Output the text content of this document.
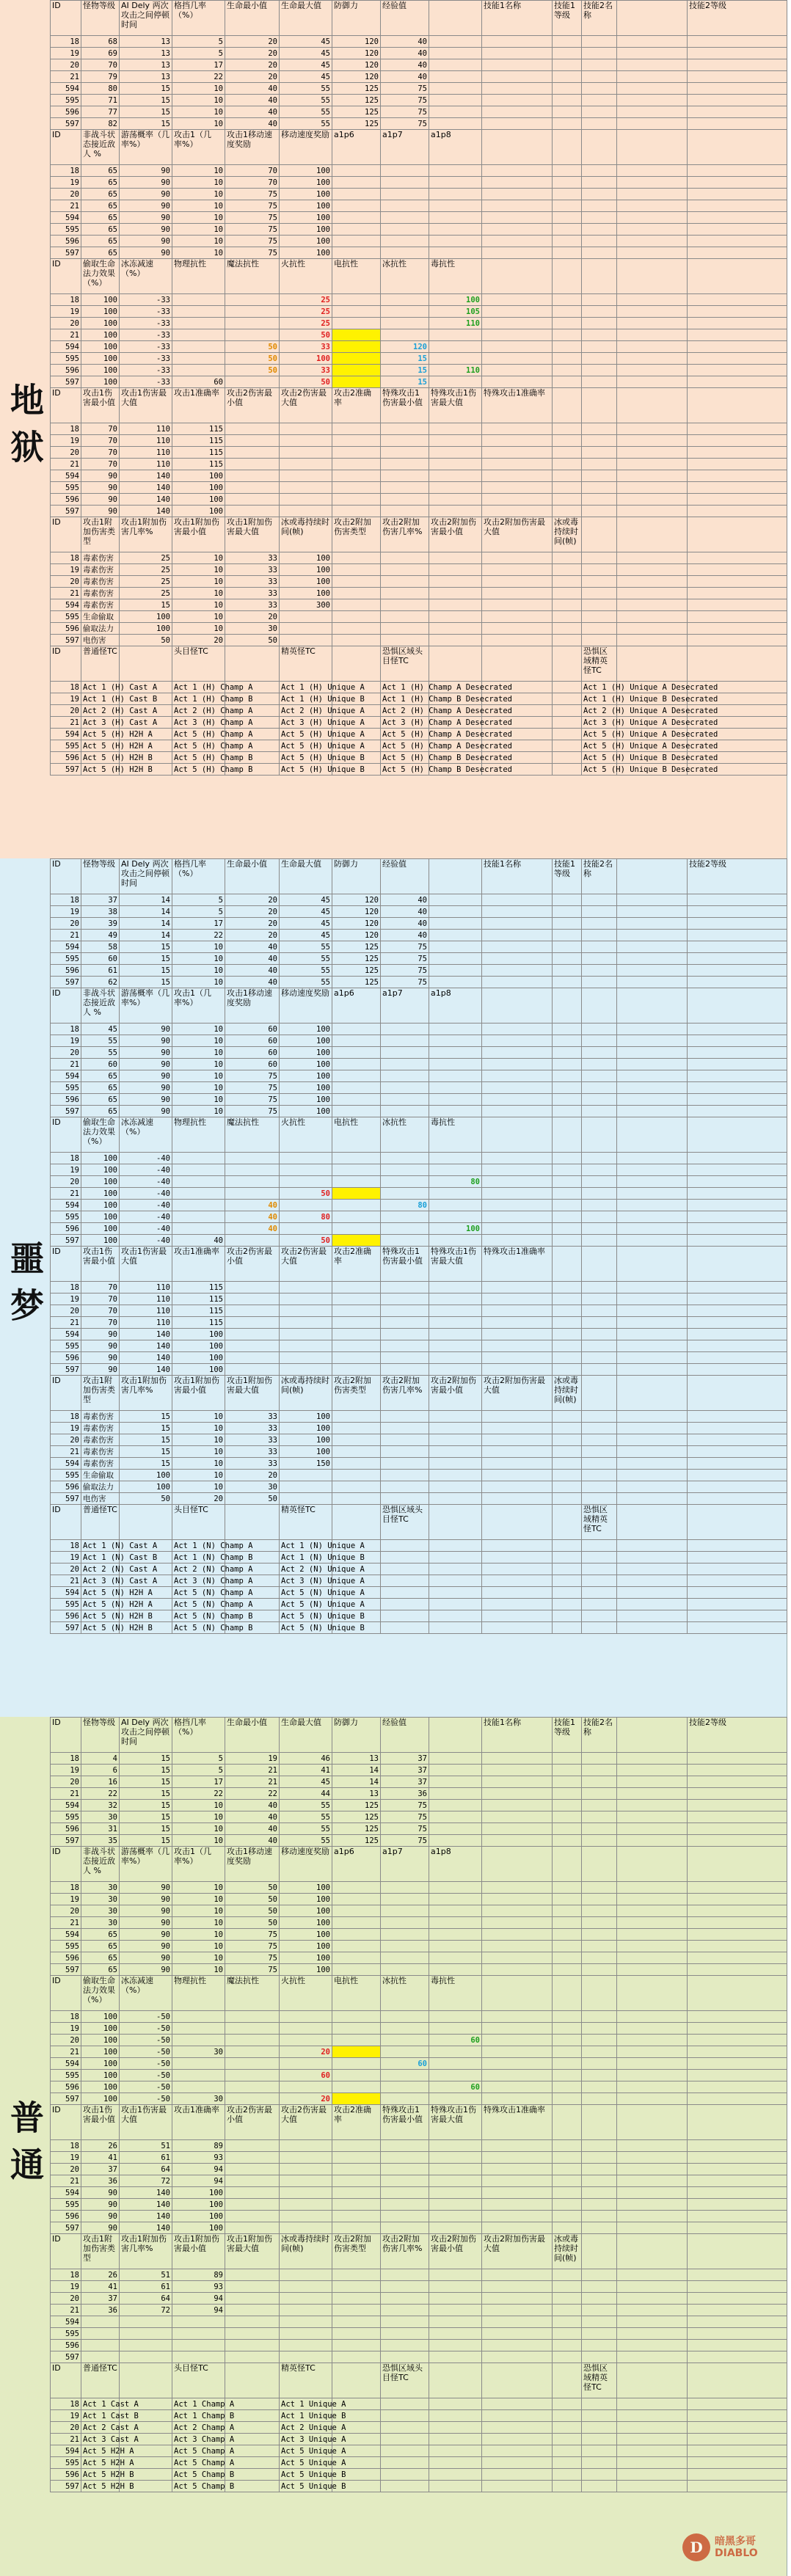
地狱
ID	怪物等级	AI Dely 两次攻击之间停顿时间	格挡几率（%）	生命最小值	生命最大值	防御力	经验值		技能1名称	技能1等级	技能2名称		技能2等级
18	68	13	5	20	45	120	40						
19	69	13	5	20	45	120	40						
20	70	13	17	20	45	120	40						
21	79	13	22	20	45	120	40						
594	80	15	10	40	55	125	75						
595	71	15	10	40	55	125	75						
596	77	15	10	40	55	125	75						
597	82	15	10	40	55	125	75						
ID	非战斗状态接近敌人 %	游荡概率（几率%）	攻击1（几率%）	攻击1移动速度奖励	移动速度奖励	a1p6	a1p7	a1p8					
18	65	90	10	70	100								
19	65	90	10	70	100								
20	65	90	10	75	100								
21	65	90	10	75	100								
594	65	90	10	75	100								
595	65	90	10	75	100								
596	65	90	10	75	100								
597	65	90	10	75	100								
ID	偷取生命法力效果（%）	冰冻减速（%）	物理抗性	魔法抗性	火抗性	电抗性	冰抗性	毒抗性					
18	100	-33			25			100					
19	100	-33			25			105					
20	100	-33			25			110					
21	100	-33			50								
594	100	-33		50	33		120						
595	100	-33		50	100		15						
596	100	-33		50	33		15	110					
597	100	-33	60		50		15						
ID	攻击1伤害最小值	攻击1伤害最大值	攻击1准确率	攻击2伤害最小值	攻击2伤害最大值	攻击2准确率	特殊攻击1伤害最小值	特殊攻击1伤害最大值	特殊攻击1准确率				
18	70	110	115										
19	70	110	115										
20	70	110	115										
21	70	110	115										
594	90	140	100										
595	90	140	100										
596	90	140	100										
597	90	140	100										
ID	攻击1附加伤害类型	攻击1附加伤害几率%	攻击1附加伤害最小值	攻击1附加伤害最大值	冰或毒持续时间(帧)	攻击2附加伤害类型	攻击2附加伤害几率%	攻击2附加伤害最小值	攻击2附加伤害最大值	冰或毒持续时间(帧)			
18	毒素伤害	25	10	33	100								
19	毒素伤害	25	10	33	100								
20	毒素伤害	25	10	33	100								
21	毒素伤害	25	10	33	100								
594	毒素伤害	15	10	33	300								
595	生命偷取	100	10	20									
596	偷取法力	100	10	30									
597	电伤害	50	20	50									
ID	普通怪TC		头目怪TC		精英怪TC		恐惧区域头目怪TC				恐惧区域精英怪TC		
18	Act 1 (H) Cast A		Act 1 (H) Champ A		Act 1 (H) Unique A		Act 1 (H) Champ A Desecrated				Act 1 (H) Unique A Desecrated		
19	Act 1 (H) Cast B		Act 1 (H) Champ B		Act 1 (H) Unique B		Act 1 (H) Champ B Desecrated				Act 1 (H) Unique B Desecrated		
20	Act 2 (H) Cast A		Act 2 (H) Champ A		Act 2 (H) Unique A		Act 2 (H) Champ A Desecrated				Act 2 (H) Unique A Desecrated		
21	Act 3 (H) Cast A		Act 3 (H) Champ A		Act 3 (H) Unique A		Act 3 (H) Champ A Desecrated				Act 3 (H) Unique A Desecrated		
594	Act 5 (H) H2H A		Act 5 (H) Champ A		Act 5 (H) Unique A		Act 5 (H) Champ A Desecrated				Act 5 (H) Unique A Desecrated		
595	Act 5 (H) H2H A		Act 5 (H) Champ A		Act 5 (H) Unique A		Act 5 (H) Champ A Desecrated				Act 5 (H) Unique A Desecrated		
596	Act 5 (H) H2H B		Act 5 (H) Champ B		Act 5 (H) Unique B		Act 5 (H) Champ B Desecrated				Act 5 (H) Unique B Desecrated		
597	Act 5 (H) H2H B		Act 5 (H) Champ B		Act 5 (H) Unique B		Act 5 (H) Champ B Desecrated				Act 5 (H) Unique B Desecrated		
噩梦
ID	怪物等级	AI Dely 两次攻击之间停顿时间	格挡几率（%）	生命最小值	生命最大值	防御力	经验值		技能1名称	技能1等级	技能2名称		技能2等级
18	37	14	5	20	45	120	40						
19	38	14	5	20	45	120	40						
20	39	14	17	20	45	120	40						
21	49	14	22	20	45	120	40						
594	58	15	10	40	55	125	75						
595	60	15	10	40	55	125	75						
596	61	15	10	40	55	125	75						
597	62	15	10	40	55	125	75						
ID	非战斗状态接近敌人 %	游荡概率（几率%）	攻击1（几率%）	攻击1移动速度奖励	移动速度奖励	a1p6	a1p7	a1p8					
18	45	90	10	60	100								
19	55	90	10	60	100								
20	55	90	10	60	100								
21	60	90	10	60	100								
594	65	90	10	75	100								
595	65	90	10	75	100								
596	65	90	10	75	100								
597	65	90	10	75	100								
ID	偷取生命法力效果（%）	冰冻减速（%）	物理抗性	魔法抗性	火抗性	电抗性	冰抗性	毒抗性					
18	100	-40											
19	100	-40											
20	100	-40						80					
21	100	-40			50								
594	100	-40		40			80						
595	100	-40		40	80								
596	100	-40		40				100					
597	100	-40	40		50								
ID	攻击1伤害最小值	攻击1伤害最大值	攻击1准确率	攻击2伤害最小值	攻击2伤害最大值	攻击2准确率	特殊攻击1伤害最小值	特殊攻击1伤害最大值	特殊攻击1准确率				
18	70	110	115										
19	70	110	115										
20	70	110	115										
21	70	110	115										
594	90	140	100										
595	90	140	100										
596	90	140	100										
597	90	140	100										
ID	攻击1附加伤害类型	攻击1附加伤害几率%	攻击1附加伤害最小值	攻击1附加伤害最大值	冰或毒持续时间(帧)	攻击2附加伤害类型	攻击2附加伤害几率%	攻击2附加伤害最小值	攻击2附加伤害最大值	冰或毒持续时间(帧)			
18	毒素伤害	15	10	33	100								
19	毒素伤害	15	10	33	100								
20	毒素伤害	15	10	33	100								
21	毒素伤害	15	10	33	100								
594	毒素伤害	15	10	33	150								
595	生命偷取	100	10	20									
596	偷取法力	100	10	30									
597	电伤害	50	20	50									
ID	普通怪TC		头目怪TC		精英怪TC		恐惧区域头目怪TC				恐惧区域精英怪TC		
18	Act 1 (N) Cast A		Act 1 (N) Champ A		Act 1 (N) Unique A								
19	Act 1 (N) Cast B		Act 1 (N) Champ B		Act 1 (N) Unique B								
20	Act 2 (N) Cast A		Act 2 (N) Champ A		Act 2 (N) Unique A								
21	Act 3 (N) Cast A		Act 3 (N) Champ A		Act 3 (N) Unique A								
594	Act 5 (N) H2H A		Act 5 (N) Champ A		Act 5 (N) Unique A								
595	Act 5 (N) H2H A		Act 5 (N) Champ A		Act 5 (N) Unique A								
596	Act 5 (N) H2H B		Act 5 (N) Champ B		Act 5 (N) Unique B								
597	Act 5 (N) H2H B		Act 5 (N) Champ B		Act 5 (N) Unique B								
普通
ID	怪物等级	AI Dely 两次攻击之间停顿时间	格挡几率（%）	生命最小值	生命最大值	防御力	经验值		技能1名称	技能1等级	技能2名称		技能2等级
18	4	15	5	19	46	13	37						
19	6	15	5	21	41	14	37						
20	16	15	17	21	45	14	37						
21	22	15	22	22	44	13	36						
594	32	15	10	40	55	125	75						
595	30	15	10	40	55	125	75						
596	31	15	10	40	55	125	75						
597	35	15	10	40	55	125	75						
ID	非战斗状态接近敌人 %	游荡概率（几率%）	攻击1（几率%）	攻击1移动速度奖励	移动速度奖励	a1p6	a1p7	a1p8					
18	30	90	10	50	100								
19	30	90	10	50	100								
20	30	90	10	50	100								
21	30	90	10	50	100								
594	65	90	10	75	100								
595	65	90	10	75	100								
596	65	90	10	75	100								
597	65	90	10	75	100								
ID	偷取生命法力效果（%）	冰冻减速（%）	物理抗性	魔法抗性	火抗性	电抗性	冰抗性	毒抗性					
18	100	-50											
19	100	-50											
20	100	-50						60					
21	100	-50	30		20								
594	100	-50					60						
595	100	-50			60								
596	100	-50						60					
597	100	-50	30		20								
ID	攻击1伤害最小值	攻击1伤害最大值	攻击1准确率	攻击2伤害最小值	攻击2伤害最大值	攻击2准确率	特殊攻击1伤害最小值	特殊攻击1伤害最大值	特殊攻击1准确率				
18	26	51	89										
19	41	61	93										
20	37	64	94										
21	36	72	94										
594	90	140	100										
595	90	140	100										
596	90	140	100										
597	90	140	100										
ID	攻击1附加伤害类型	攻击1附加伤害几率%	攻击1附加伤害最小值	攻击1附加伤害最大值	冰或毒持续时间(帧)	攻击2附加伤害类型	攻击2附加伤害几率%	攻击2附加伤害最小值	攻击2附加伤害最大值	冰或毒持续时间(帧)			
18	26	51	89										
19	41	61	93										
20	37	64	94										
21	36	72	94										
594													
595													
596													
597													
ID	普通怪TC		头目怪TC		精英怪TC		恐惧区域头目怪TC				恐惧区域精英怪TC		
18	Act 1 Cast A		Act 1 Champ A		Act 1 Unique A								
19	Act 1 Cast B		Act 1 Champ B		Act 1 Unique B								
20	Act 2 Cast A		Act 2 Champ A		Act 2 Unique A								
21	Act 3 Cast A		Act 3 Champ A		Act 3 Unique A								
594	Act 5 H2H A		Act 5 Champ A		Act 5 Unique A								
595	Act 5 H2H A		Act 5 Champ A		Act 5 Unique A								
596	Act 5 H2H B		Act 5 Champ B		Act 5 Unique B								
597	Act 5 H2H B		Act 5 Champ B		Act 5 Unique B								
D	暗黑多哥
DIABLO
